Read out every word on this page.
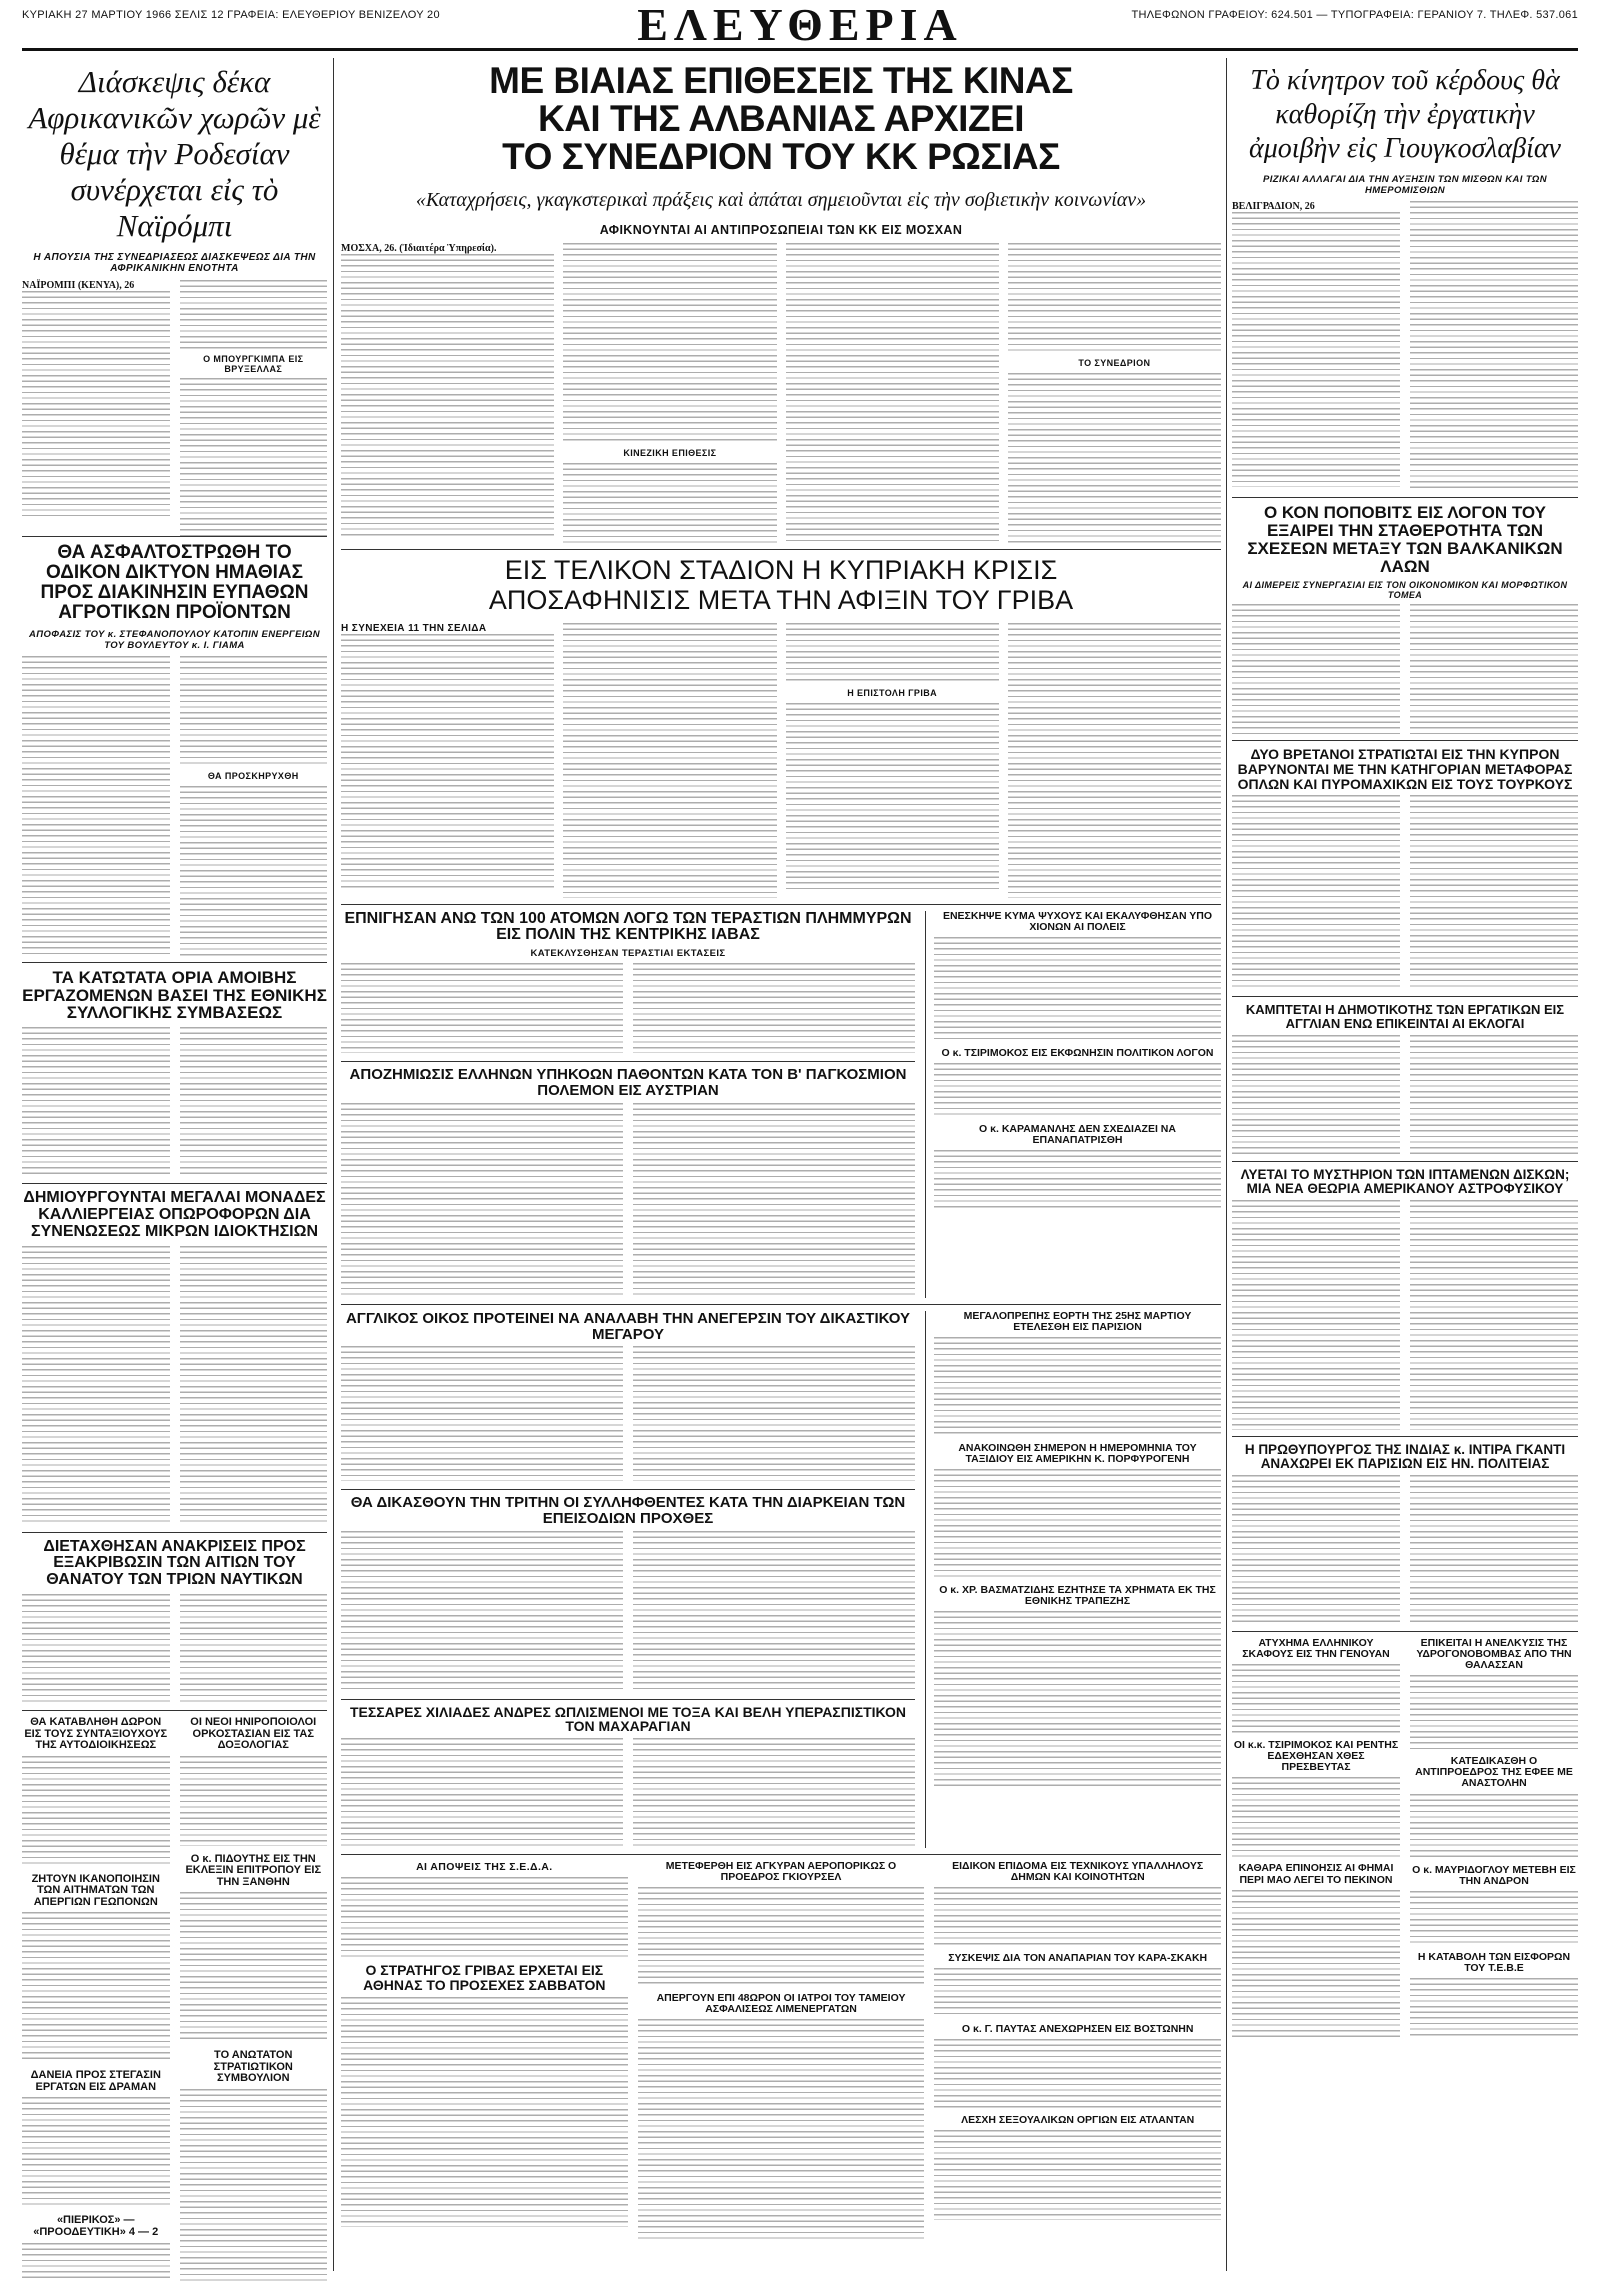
ΚΥΡΙΑΚΗ 27 ΜΑΡΤΙΟΥ 1966 ΣΕΛΙΣ 12 ΓΡΑΦΕΙΑ: ΕΛΕΥΘΕΡΙΟΥ ΒΕΝΙΖΕΛΟΥ 20	ΤΗΛΕΦΩΝΟΝ ΓΡΑΦΕΙΟΥ: 624.501 — ΤΥΠΟΓΡΑΦΕΙΑ: ΓΕΡΑΝΙΟΥ 7. ΤΗΛΕΦ. 537.061
ΕΛΕΥΘΕΡΙΑ
Διάσκεψις δέκα Αφρικανικῶν χωρῶν μὲ θέμα τὴν Ροδεσίαν συνέρχεται εἰς τὸ Ναϊρόμπι
Η ΑΠΟΥΣΙΑ ΤΗΣ ΣΥΝΕΔΡΙΑΣΕΩΣ ΔΙΑΣΚΕΨΕΩΣ ΔΙΑ ΤΗΝ ΑΦΡΙΚΑΝΙΚΗΝ ΕΝΟΤΗΤΑ
ΝΑΪΡΟΜΠΙ (ΚΕΝΥΑ), 26
Ο ΜΠΟΥΡΓΚΙΜΠΑ ΕΙΣ ΒΡΥΞΕΛΛΑΣ
ΘΑ ΑΣΦΑΛΤΟΣΤΡΩΘΗ ΤΟ ΟΔΙΚΟΝ ΔΙΚΤΥΟΝ ΗΜΑΘΙΑΣ ΠΡΟΣ ΔΙΑΚΙΝΗΣΙΝ ΕΥΠΑΘΩΝ ΑΓΡΟΤΙΚΩΝ ΠΡΟΪΟΝΤΩΝ
ΑΠΟΦΑΣΙΣ ΤΟΥ κ. ΣΤΕΦΑΝΟΠΟΥΛΟΥ ΚΑΤΟΠΙΝ ΕΝΕΡΓΕΙΩΝ ΤΟΥ ΒΟΥΛΕΥΤΟΥ κ. Ι. ΓΙΑΜΑ
ΘΑ ΠΡΟΣΚΗΡΥΧΘΗ
ΤΑ ΚΑΤΩΤΑΤΑ ΟΡΙΑ ΑΜΟΙΒΗΣ ΕΡΓΑΖΟΜΕΝΩΝ ΒΑΣΕΙ ΤΗΣ ΕΘΝΙΚΗΣ ΣΥΛΛΟΓΙΚΗΣ ΣΥΜΒΑΣΕΩΣ
ΔΗΜΙΟΥΡΓΟΥΝΤΑΙ ΜΕΓΑΛΑΙ ΜΟΝΑΔΕΣ ΚΑΛΛΙΕΡΓΕΙΑΣ ΟΠΩΡΟΦΟΡΩΝ ΔΙΑ ΣΥΝΕΝΩΣΕΩΣ ΜΙΚΡΩΝ ΙΔΙΟΚΤΗΣΙΩΝ
ΔΙΕΤΑΧΘΗΣΑΝ ΑΝΑΚΡΙΣΕΙΣ ΠΡΟΣ ΕΞΑΚΡΙΒΩΣΙΝ ΤΩΝ ΑΙΤΙΩΝ ΤΟΥ ΘΑΝΑΤΟΥ ΤΩΝ ΤΡΙΩΝ ΝΑΥΤΙΚΩΝ
ΘΑ ΚΑΤΑΒΛΗΘΗ ΔΩΡΟΝ ΕΙΣ ΤΟΥΣ ΣΥΝΤΑΞΙΟΥΧΟΥΣ ΤΗΣ ΑΥΤΟΔΙΟΙΚΗΣΕΩΣ
ΖΗΤΟΥΝ ΙΚΑΝΟΠΟΙΗΣΙΝ ΤΩΝ ΑΙΤΗΜΑΤΩΝ ΤΩΝ ΑΠΕΡΓΙΩΝ ΓΕΩΠΟΝΩΝ
ΔΑΝΕΙΑ ΠΡΟΣ ΣΤΕΓΑΣΙΝ ΕΡΓΑΤΩΝ ΕΙΣ ΔΡΑΜΑΝ
«ΠΙΕΡΙΚΟΣ» — «ΠΡΟΟΔΕΥΤΙΚΗ» 4 — 2
ΟΙ ΝΕΟΙ ΗΝΙΡΟΠΟΙΟΛΟΙ ΟΡΚΟΣΤΑΣΙΑΝ ΕΙΣ ΤΑΣ ΔΟΞΟΛΟΓΙΑΣ
Ο κ. ΠΙΔΟΥΤΗΣ ΕΙΣ ΤΗΝ ΕΚΛΕΞΙΝ ΕΠΙΤΡΟΠΟΥ ΕΙΣ ΤΗΝ ΞΑΝΘΗΝ
ΤΟ ΑΝΩΤΑΤΟΝ ΣΤΡΑΤΙΩΤΙΚΟΝ ΣΥΜΒΟΥΛΙΟΝ
ΜΕ ΒΙΑΙΑΣ ΕΠΙΘΕΣΕΙΣ ΤΗΣ ΚΙΝΑΣ
ΚΑΙ ΤΗΣ ΑΛΒΑΝΙΑΣ ΑΡΧΙΖΕΙ
ΤΟ ΣΥΝΕΔΡΙΟΝ ΤΟΥ ΚΚ ΡΩΣΙΑΣ
«Καταχρήσεις, γκαγκστερικαὶ πράξεις καὶ ἀπάται σημειοῦνται εἰς τὴν σοβιετικὴν κοινωνίαν»
ΑΦΙΚΝΟΥΝΤΑΙ ΑΙ ΑΝΤΙΠΡΟΣΩΠΕΙΑΙ ΤΩΝ ΚΚ ΕΙΣ ΜΟΣΧΑΝ
ΜΟΣΧΑ, 26. (Ἰδιαιτέρα Ὑπηρεσία).
ΚΙΝΕΖΙΚΗ ΕΠΙΘΕΣΙΣ
ΤΟ ΣΥΝΕΔΡΙΟΝ
ΕΙΣ ΤΕΛΙΚΟΝ ΣΤΑΔΙΟΝ Η ΚΥΠΡΙΑΚΗ ΚΡΙΣΙΣ
ΑΠΟΣΑΦΗΝΙΣΙΣ ΜΕΤΑ ΤΗΝ ΑΦΙΞΙΝ ΤΟΥ ΓΡΙΒΑ
Η ΣΥΝΕΧΕΙΑ 11 ΤΗΝ ΣΕΛΙΔΑ
Η ΕΠΙΣΤΟΛΗ ΓΡΙΒΑ
ΕΠΝΙΓΗΣΑΝ ΑΝΩ ΤΩΝ 100 ΑΤΟΜΩΝ ΛΟΓΩ ΤΩΝ ΤΕΡΑΣΤΙΩΝ ΠΛΗΜΜΥΡΩΝ ΕΙΣ ΠΟΛΙΝ ΤΗΣ ΚΕΝΤΡΙΚΗΣ ΙΑΒΑΣ
ΚΑΤΕΚΛΥΣΘΗΣΑΝ ΤΕΡΑΣΤΙΑΙ ΕΚΤΑΣΕΙΣ
ΑΠΟΖΗΜΙΩΣΙΣ ΕΛΛΗΝΩΝ ΥΠΗΚΟΩΝ ΠΑΘΟΝΤΩΝ ΚΑΤΑ ΤΟΝ Β' ΠΑΓΚΟΣΜΙΟΝ ΠΟΛΕΜΟΝ ΕΙΣ ΑΥΣΤΡΙΑΝ
ΕΝΕΣΚΗΨΕ ΚΥΜΑ ΨΥΧΟΥΣ ΚΑΙ ΕΚΑΛΥΦΘΗΣΑΝ ΥΠΟ ΧΙΟΝΩΝ ΑΙ ΠΟΛΕΙΣ
Ο κ. ΤΣΙΡΙΜΟΚΟΣ ΕΙΣ ΕΚΦΩΝΗΣΙΝ ΠΟΛΙΤΙΚΟΝ ΛΟΓΟΝ
Ο κ. ΚΑΡΑΜΑΝΛΗΣ ΔΕΝ ΣΧΕΔΙΑΖΕΙ ΝΑ ΕΠΑΝΑΠΑΤΡΙΣΘΗ
ΑΓΓΛΙΚΟΣ ΟΙΚΟΣ ΠΡΟΤΕΙΝΕΙ ΝΑ ΑΝΑΛΑΒΗ ΤΗΝ ΑΝΕΓΕΡΣΙΝ ΤΟΥ ΔΙΚΑΣΤΙΚΟΥ ΜΕΓΑΡΟΥ
ΘΑ ΔΙΚΑΣΘΟΥΝ ΤΗΝ ΤΡΙΤΗΝ ΟΙ ΣΥΛΛΗΦΘΕΝΤΕΣ ΚΑΤΑ ΤΗΝ ΔΙΑΡΚΕΙΑΝ ΤΩΝ ΕΠΕΙΣΟΔΙΩΝ ΠΡΟΧΘΕΣ
ΤΕΣΣΑΡΕΣ ΧΙΛΙΑΔΕΣ ΑΝΔΡΕΣ ΩΠΛΙΣΜΕΝΟΙ ΜΕ ΤΟΞΑ ΚΑΙ ΒΕΛΗ ΥΠΕΡΑΣΠΙΣΤΙΚΟΝ ΤΟΝ ΜΑΧΑΡΑΓΙΑΝ
ΜΕΓΑΛΟΠΡΕΠΗΣ ΕΟΡΤΗ ΤΗΣ 25ΗΣ ΜΑΡΤΙΟΥ ΕΤΕΛΕΣΘΗ ΕΙΣ ΠΑΡΙΣΙΟΝ
ΑΝΑΚΟΙΝΩΘΗ ΣΗΜΕΡΟΝ Η ΗΜΕΡΟΜΗΝΙΑ ΤΟΥ ΤΑΞΙΔΙΟΥ ΕΙΣ ΑΜΕΡΙΚΗΝ Κ. ΠΟΡΦΥΡΟΓΕΝΗ
Ο κ. ΧΡ. ΒΑΣΜΑΤΖΙΔΗΣ ΕΖΗΤΗΣΕ ΤΑ ΧΡΗΜΑΤΑ ΕΚ ΤΗΣ ΕΘΝΙΚΗΣ ΤΡΑΠΕΖΗΣ
ΑΙ ΑΠΟΨΕΙΣ ΤΗΣ Σ.Ε.Δ.Α.
Ο ΣΤΡΑΤΗΓΟΣ ΓΡΙΒΑΣ ΕΡΧΕΤΑΙ ΕΙΣ ΑΘΗΝΑΣ ΤΟ ΠΡΟΣΕΧΕΣ ΣΑΒΒΑΤΟΝ
ΜΕΤΕΦΕΡΘΗ ΕΙΣ ΑΓΚΥΡΑΝ ΑΕΡΟΠΟΡΙΚΩΣ Ο ΠΡΟΕΔΡΟΣ ΓΚΙΟΥΡΣΕΛ
ΑΠΕΡΓΟΥΝ ΕΠΙ 48ΩΡΟΝ ΟΙ ΙΑΤΡΟΙ ΤΟΥ ΤΑΜΕΙΟΥ ΑΣΦΑΛΙΣΕΩΣ ΛΙΜΕΝΕΡΓΑΤΩΝ
ΕΙΔΙΚΟΝ ΕΠΙΔΟΜΑ ΕΙΣ ΤΕΧΝΙΚΟΥΣ ΥΠΑΛΛΗΛΟΥΣ ΔΗΜΩΝ ΚΑΙ ΚΟΙΝΟΤΗΤΩΝ
ΣΥΣΚΕΨΙΣ ΔΙΑ ΤΟΝ ΑΝΑΠΑΡΙΑΝ ΤΟΥ ΚΑΡΑ-ΣΚΑΚΗ
Ο κ. Γ. ΠΑΥΤΑΣ ΑΝΕΧΩΡΗΣΕΝ ΕΙΣ ΒΟΣΤΩΝΗΝ
ΛΕΣΧΗ ΣΕΞΟΥΑΛΙΚΩΝ ΟΡΓΙΩΝ ΕΙΣ ΑΤΛΑΝΤΑΝ
Τὸ κίνητρον τοῦ κέρδους θὰ καθορίζη τὴν ἐργατικὴν ἀμοιβὴν εἰς Γιουγκοσλαβίαν
ΡΙΖΙΚΑΙ ΑΛΛΑΓΑΙ ΔΙΑ ΤΗΝ ΑΥΞΗΣΙΝ ΤΩΝ ΜΙΣΘΩΝ ΚΑΙ ΤΩΝ ΗΜΕΡΟΜΙΣΘΙΩΝ
ΒΕΛΙΓΡΑΔΙΟΝ, 26
Ο ΚΟΝ ΠΟΠΟΒΙΤΣ ΕΙΣ ΛΟΓΟΝ ΤΟΥ ΕΞΑΙΡΕΙ ΤΗΝ ΣΤΑΘΕΡΟΤΗΤΑ ΤΩΝ ΣΧΕΣΕΩΝ ΜΕΤΑΞΥ ΤΩΝ ΒΑΛΚΑΝΙΚΩΝ ΛΑΩΝ
ΑΙ ΔΙΜΕΡΕΙΣ ΣΥΝΕΡΓΑΣΙΑΙ ΕΙΣ ΤΟΝ ΟΙΚΟΝΟΜΙΚΟΝ ΚΑΙ ΜΟΡΦΩΤΙΚΟΝ ΤΟΜΕΑ
ΔΥΟ ΒΡΕΤΑΝΟΙ ΣΤΡΑΤΙΩΤΑΙ ΕΙΣ ΤΗΝ ΚΥΠΡΟΝ ΒΑΡΥΝΟΝΤΑΙ ΜΕ ΤΗΝ ΚΑΤΗΓΟΡΙΑΝ ΜΕΤΑΦΟΡΑΣ ΟΠΛΩΝ ΚΑΙ ΠΥΡΟΜΑΧΙΚΩΝ ΕΙΣ ΤΟΥΣ ΤΟΥΡΚΟΥΣ
ΚΑΜΠΤΕΤΑΙ Η ΔΗΜΟΤΙΚΟΤΗΣ ΤΩΝ ΕΡΓΑΤΙΚΩΝ ΕΙΣ ΑΓΓΛΙΑΝ ΕΝΩ ΕΠΙΚΕΙΝΤΑΙ ΑΙ ΕΚΛΟΓΑΙ
ΛΥΕΤΑΙ ΤΟ ΜΥΣΤΗΡΙΟΝ ΤΩΝ ΙΠΤΑΜΕΝΩΝ ΔΙΣΚΩΝ; ΜΙΑ ΝΕΑ ΘΕΩΡΙΑ ΑΜΕΡΙΚΑΝΟΥ ΑΣΤΡΟΦΥΣΙΚΟΥ
Η ΠΡΩΘΥΠΟΥΡΓΟΣ ΤΗΣ ΙΝΔΙΑΣ κ. ΙΝΤΙΡΑ ΓΚΑΝΤΙ ΑΝΑΧΩΡΕΙ ΕΚ ΠΑΡΙΣΙΩΝ ΕΙΣ ΗΝ. ΠΟΛΙΤΕΙΑΣ
ΑΤΥΧΗΜΑ ΕΛΛΗΝΙΚΟΥ ΣΚΑΦΟΥΣ ΕΙΣ ΤΗΝ ΓΕΝΟΥΑΝ
ΟΙ κ.κ. ΤΣΙΡΙΜΟΚΟΣ ΚΑΙ ΡΕΝΤΗΣ ΕΔΕΧΘΗΣΑΝ ΧΘΕΣ ΠΡΕΣΒΕΥΤΑΣ
ΚΑΘΑΡΑ ΕΠΙΝΟΗΣΙΣ ΑΙ ΦΗΜΑΙ ΠΕΡΙ ΜΑΟ ΛΕΓΕΙ ΤΟ ΠΕΚΙΝΟΝ
ΕΠΙΚΕΙΤΑΙ Η ΑΝΕΛΚΥΣΙΣ ΤΗΣ ΥΔΡΟΓΟΝΟΒΟΜΒΑΣ ΑΠΟ ΤΗΝ ΘΑΛΑΣΣΑΝ
ΚΑΤΕΔΙΚΑΣΘΗ Ο ΑΝΤΙΠΡΟΕΔΡΟΣ ΤΗΣ ΕΦΕΕ ΜΕ ΑΝΑΣΤΟΛΗΝ
Ο κ. ΜΑΥΡΙΔΟΓΛΟΥ ΜΕΤΕΒΗ ΕΙΣ ΤΗΝ ΑΝΔΡΟΝ
Η ΚΑΤΑΒΟΛΗ ΤΩΝ ΕΙΣΦΟΡΩΝ ΤΟΥ Τ.Ε.Β.Ε
